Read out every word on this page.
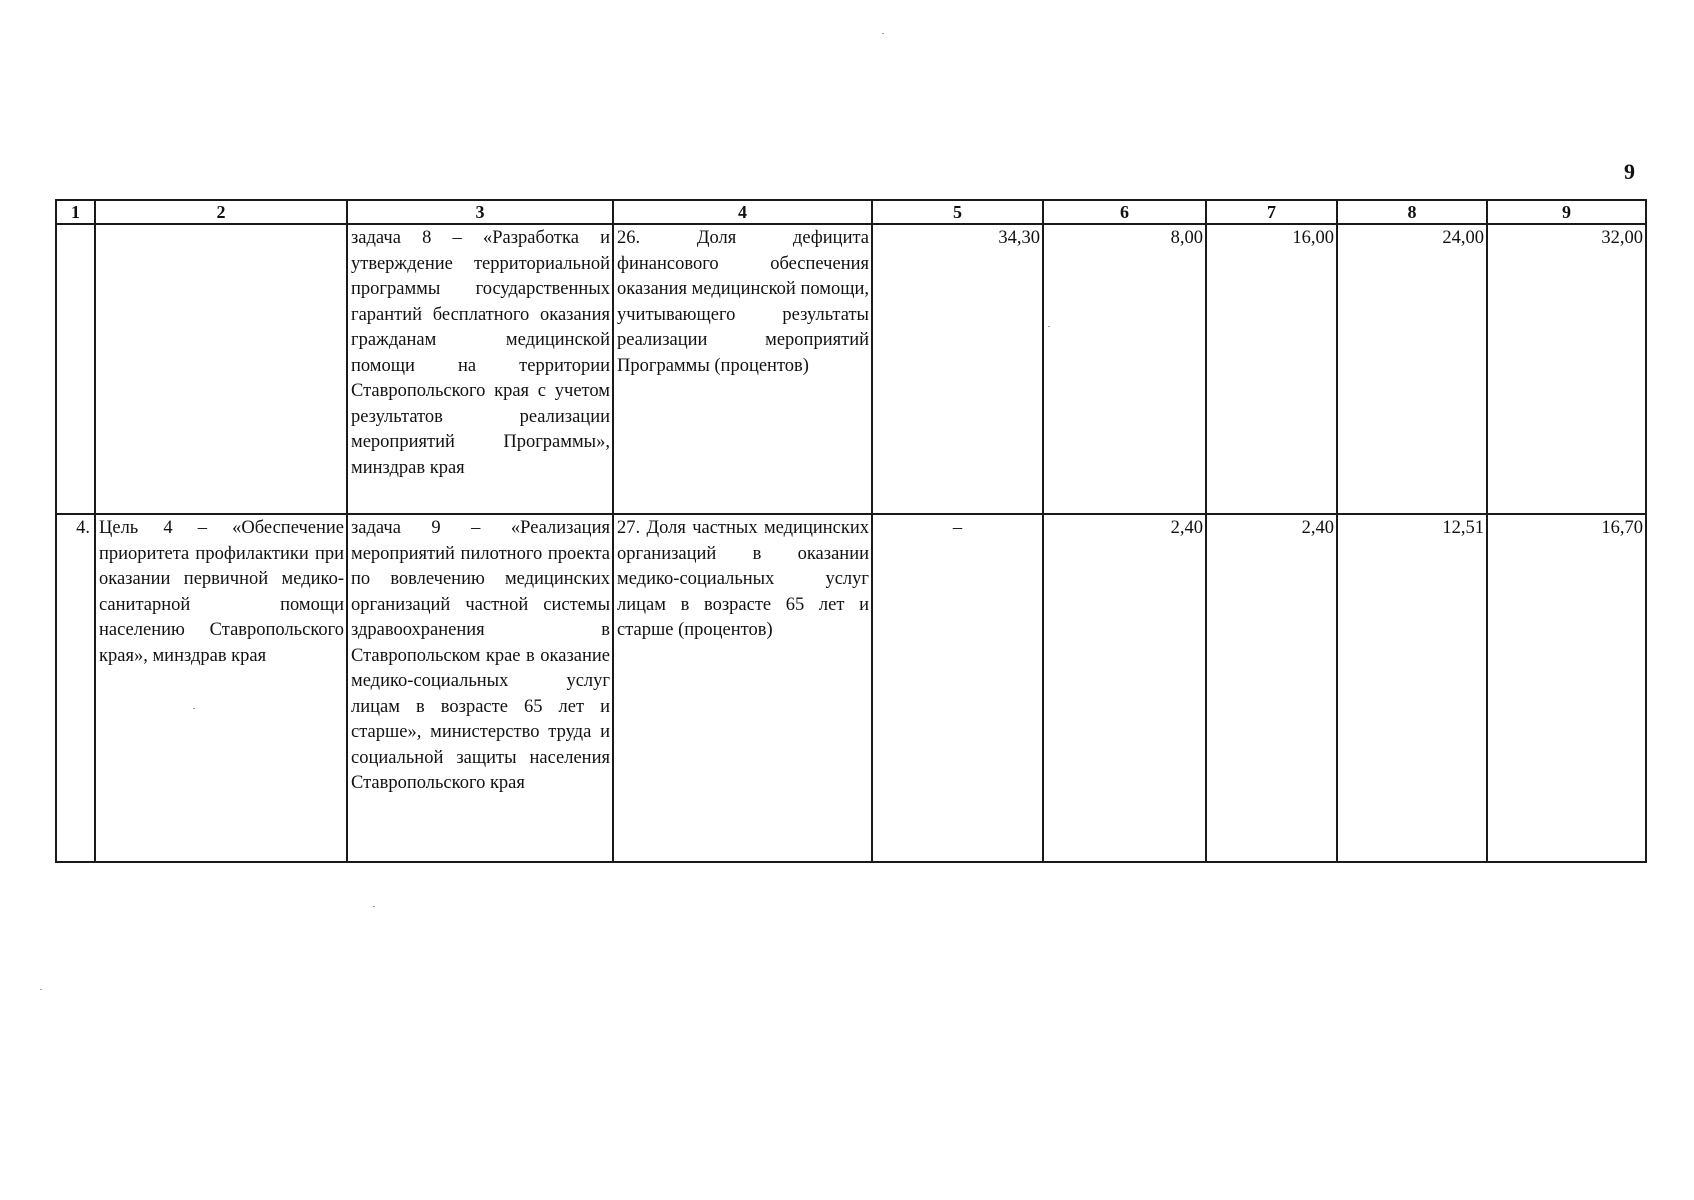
9
1	2	3	4	5	6	7	8	9

		задача 8 – «Разработка и утверждение территориальной программы государственных гарантий бесплатного оказания гражданам медицинской помощи на территории Ставропольского края с учетом результатов реализации мероприятий Программы», минздрав края	26. Доля дефицита финансового обеспечения оказания медицинской помощи, учитывающего результаты реализации мероприятий Программы (процентов)	34,30	8,00	16,00	24,00	32,00

4.	Цель 4 – «Обеспечение приоритета профилактики при оказании первичной медико-санитарной помощи населению Ставропольского края», минздрав края	задача 9 – «Реализация мероприятий пилотного проекта по вовлечению медицинских организаций частной системы здравоохранения в Ставропольском крае в оказание медико-социальных услуг лицам в возрасте 65 лет и старше», министерство труда и социальной защиты населения Ставропольского края	27. Доля частных медицинских организаций в оказании медико-социальных услуг лицам в возрасте 65 лет и старше (процентов)	–	2,40	2,40	12,51	16,70
